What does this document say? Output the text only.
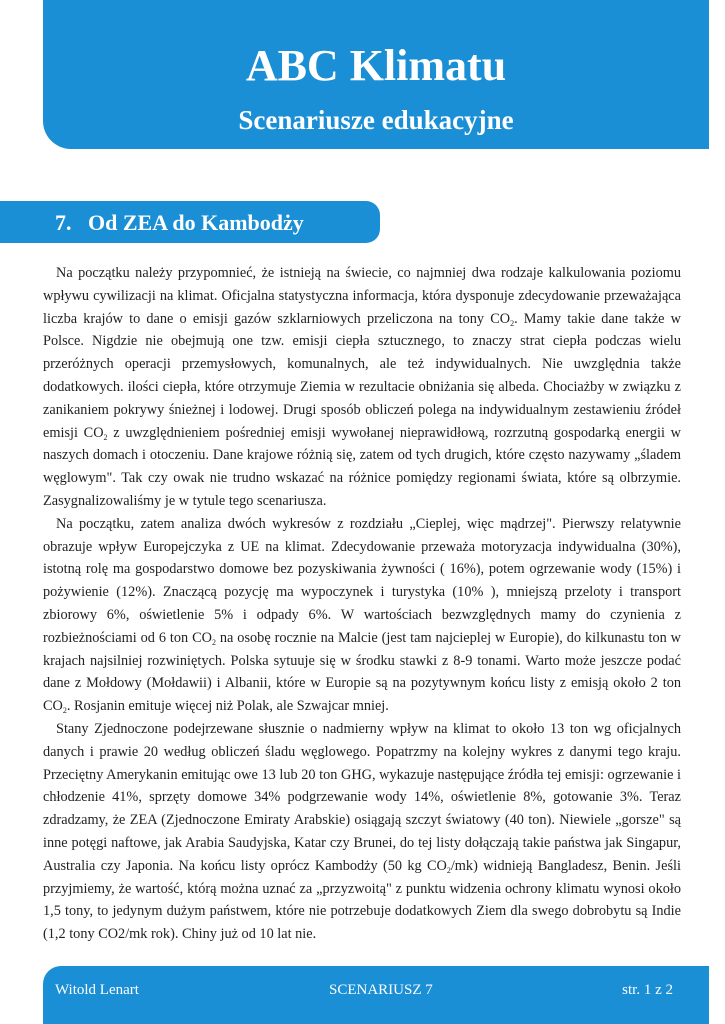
ABC Klimatu
Scenariusze edukacyjne
7. Od ZEA do Kambodży

Na początku należy przypomnieć, że istnieją na świecie, co najmniej dwa rodzaje kalkulowania poziomu wpływu cywilizacji na klimat. Oficjalna statystyczna informacja, która dysponuje zdecydowanie przeważająca liczba krajów to dane o emisji gazów szklarniowych przeliczona na tony $CO_2$. Mamy takie dane także w Polsce. Nigdzie nie obejmują one tzw. emisji ciepła sztucznego, to znaczy strat ciepła podczas wielu przeróżnych operacji przemysłowych, komunalnych, ale też indywidualnych. Nie uwzględnia także dodatkowych. ilości ciepła, które otrzymuje Ziemia w rezultacie obniżania się albeda. Chociażby w związku z zanikaniem pokrywy śnieżnej i lodowej. Drugi sposób obliczeń polega na indywidualnym zestawieniu źródeł emisji $CO_2$ z uwzględnieniem pośredniej emisji wywołanej nieprawidłową, rozrzutną gospodarką energii w naszych domach i otoczeniu. Dane krajowe różnią się, zatem od tych drugich, które często nazywamy „śladem węglowym". Tak czy owak nie trudno wskazać na różnice pomiędzy regionami świata, które są olbrzymie. Zasygnalizowaliśmy je w tytule tego scenariusza.

Na początku, zatem analiza dwóch wykresów z rozdziału „Cieplej, więc mądrzej". Pierwszy relatywnie obrazuje wpływ Europejczyka z UE na klimat. Zdecydowanie przeważa motoryzacja indywidualna (30%), istotną rolę ma gospodarstwo domowe bez pozyskiwania żywności ( 16%), potem ogrzewanie wody (15%) i pożywienie (12%). Znaczącą pozycję ma wypoczynek i turystyka (10% ), mniejszą przeloty i transport zbiorowy 6%, oświetlenie 5% i odpady 6%. W wartościach bezwzględnych mamy do czynienia z rozbieżnościami od 6 ton $CO_2$ na osobę rocznie na Malcie (jest tam najcieplej w Europie), do kilkunastu ton w krajach najsilniej rozwiniętych. Polska sytuuje się w środku stawki z 8-9 tonami. Warto może jeszcze podać dane z Mołdowy (Mołdawii) i Albanii, które w Europie są na pozytywnym końcu listy z emisją około 2 ton $CO_2$. Rosjanin emituje więcej niż Polak, ale Szwajcar mniej.

Stany Zjednoczone podejrzewane słusznie o nadmierny wpływ na klimat to około 13 ton wg oficjalnych danych i prawie 20 według obliczeń śladu węglowego. Popatrzmy na kolejny wykres z danymi tego kraju. Przeciętny Amerykanin emitując owe 13 lub 20 ton GHG, wykazuje następujące źródła tej emisji: ogrzewanie i chłodzenie 41%, sprzęty domowe 34% podgrzewanie wody 14%, oświetlenie 8%, gotowanie 3%. Teraz zdradzamy, że ZEA (Zjednoczone Emiraty Arabskie) osiągają szczyt światowy (40 ton). Niewiele „gorsze" są inne potęgi naftowe, jak Arabia Saudyjska, Katar czy Brunei, do tej listy dołączają takie państwa jak Singapur, Australia czy Japonia. Na końcu listy oprócz Kambodży (50 kg $CO_2/mk$) widnieją Bangladesz, Benin. Jeśli przyjmiemy, że wartość, którą można uznać za „przyzwoitą" z punktu widzenia ochrony klimatu wynosi około 1,5 tony, to jedynym dużym państwem, które nie potrzebuje dodatkowych Ziem dla swego dobrobytu są Indie (1,2 tony CO2/mk rok). Chiny już od 10 lat nie.

Witold Lenart	SCENARIUSZ 7	str. 1 z 2
